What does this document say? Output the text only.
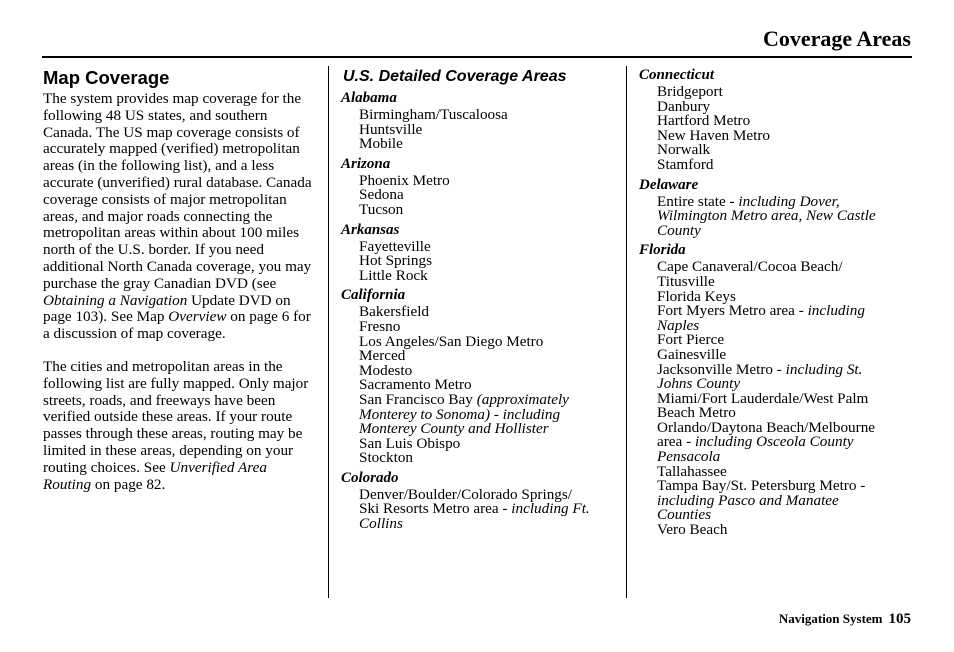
Coverage Areas
Map Coverage

The system provides map coverage for the following 48 US states, and southern Canada. The US map coverage consists of accurately mapped (verified) metropolitan areas (in the following list), and a less accurate (unverified) rural database. Canada coverage consists of major metropolitan areas, and major roads connecting the metropolitan areas within about 100 miles north of the U.S. border. If you need additional North Canada coverage, you may purchase the gray Canadian DVD (see Obtaining a Navigation Update DVD on page 103). See Map Overview on page 6 for a discussion of map coverage.

The cities and metropolitan areas in the following list are fully mapped. Only major streets, roads, and freeways have been verified outside these areas. If your route passes through these areas, routing may be limited in these areas, depending on your routing choices. See Unverified Area Routing on page 82.

U.S. Detailed Coverage Areas
Alabama
Birmingham/Tuscaloosa
Huntsville
Mobile
Arizona
Phoenix Metro
Sedona
Tucson
Arkansas
Fayetteville
Hot Springs
Little Rock
California
Bakersfield
Fresno
Los Angeles/San Diego Metro
Merced
Modesto
Sacramento Metro
San Francisco Bay (approximately
Monterey to Sonoma) - including
Monterey County and Hollister
San Luis Obispo
Stockton
Colorado
Denver/Boulder/Colorado Springs/
Ski Resorts Metro area - including Ft.
Collins
Connecticut
Bridgeport
Danbury
Hartford Metro
New Haven Metro
Norwalk
Stamford
Delaware
Entire state - including Dover,
Wilmington Metro area, New Castle
County
Florida
Cape Canaveral/Cocoa Beach/
Titusville
Florida Keys
Fort Myers Metro area - including
Naples
Fort Pierce
Gainesville
Jacksonville Metro - including St.
Johns County
Miami/Fort Lauderdale/West Palm
Beach Metro
Orlando/Daytona Beach/Melbourne
area - including Osceola County
Pensacola
Tallahassee
Tampa Bay/St. Petersburg Metro -
including Pasco and Manatee
Counties
Vero Beach
Navigation System 105
